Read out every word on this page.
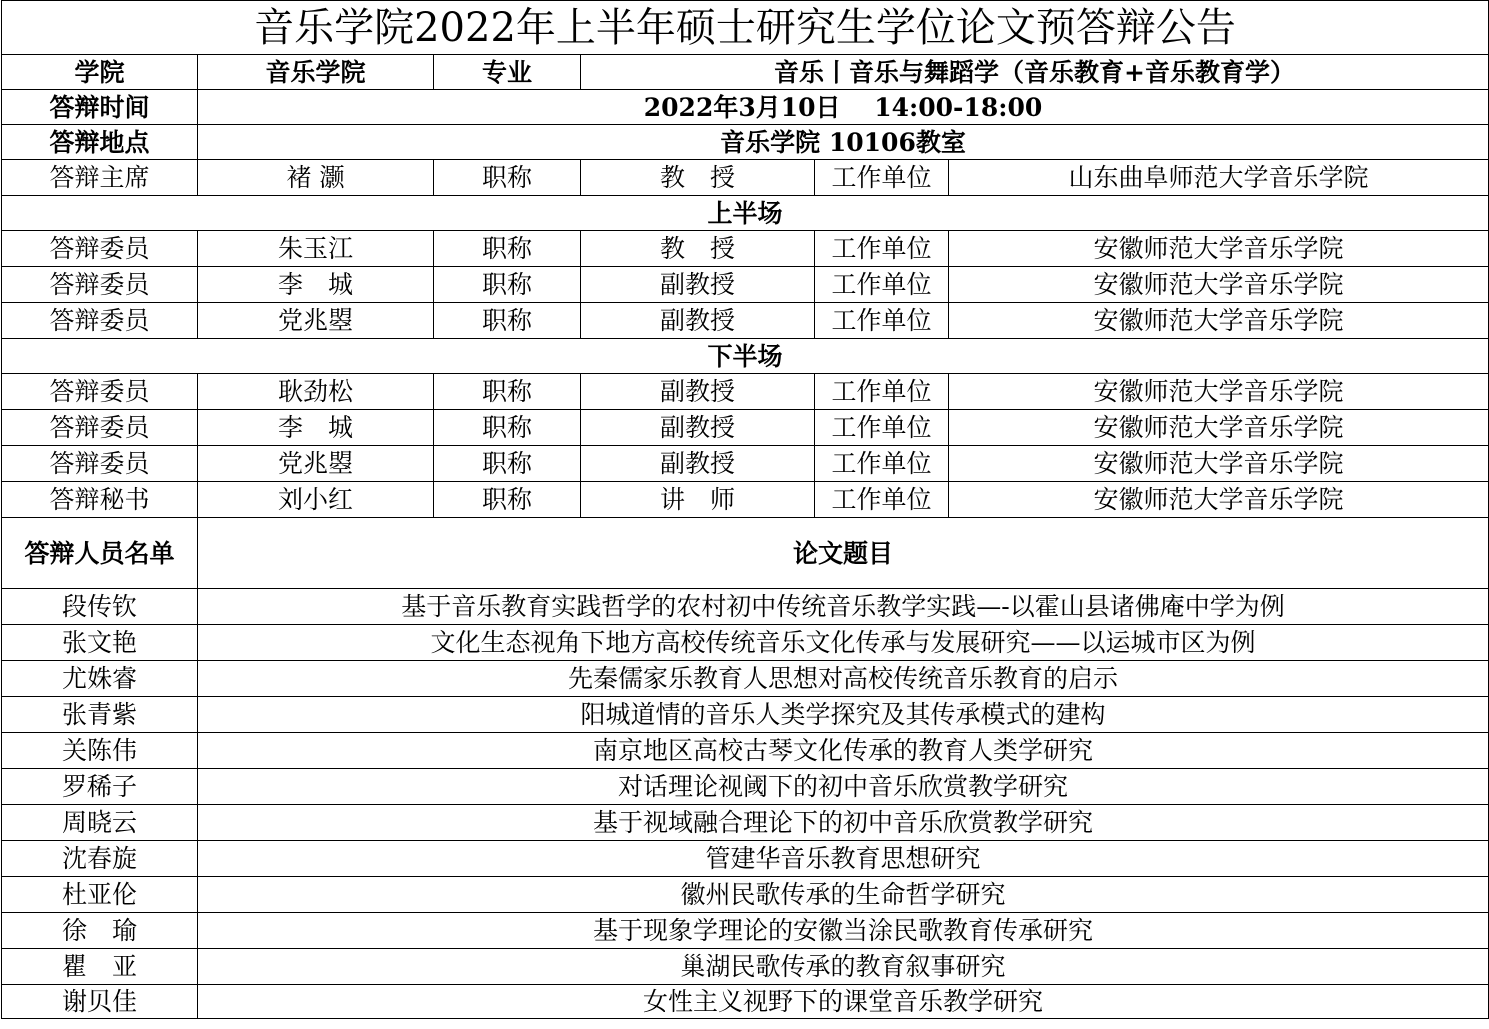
音乐学院2022年上半年硕士研究生学位论文预答辩公告					
学院	音乐学院	专业	音乐丨音乐与舞蹈学（音乐教育+音乐教育学）		
答辩时间	2022年3月10日　 14:00-18:00				
答辩地点	音乐学院 10106教室				
答辩主席	褚 灏	职称	教　授	工作单位	山东曲阜师范大学音乐学院
上半场					
答辩委员	朱玉江	职称	教　授	工作单位	安徽师范大学音乐学院
答辩委员	李　城	职称	副教授	工作单位	安徽师范大学音乐学院
答辩委员	党兆曌	职称	副教授	工作单位	安徽师范大学音乐学院
下半场					
答辩委员	耿劲松	职称	副教授	工作单位	安徽师范大学音乐学院
答辩委员	李　城	职称	副教授	工作单位	安徽师范大学音乐学院
答辩委员	党兆曌	职称	副教授	工作单位	安徽师范大学音乐学院
答辩秘书	刘小红	职称	讲　师	工作单位	安徽师范大学音乐学院
答辩人员名单	论文题目				
段传钦	基于音乐教育实践哲学的农村初中传统音乐教学实践—-以霍山县诸佛庵中学为例				
张文艳	文化生态视角下地方高校传统音乐文化传承与发展研究——以运城市区为例				
尤姝睿	先秦儒家乐教育人思想对高校传统音乐教育的启示				
张青紫	阳城道情的音乐人类学探究及其传承模式的建构				
关陈伟	南京地区高校古琴文化传承的教育人类学研究				
罗稀子	对话理论视阈下的初中音乐欣赏教学研究				
周晓云	基于视域融合理论下的初中音乐欣赏教学研究				
沈春旋	管建华音乐教育思想研究				
杜亚伦	徽州民歌传承的生命哲学研究				
徐　瑜	基于现象学理论的安徽当涂民歌教育传承研究				
瞿　亚	巢湖民歌传承的教育叙事研究				
谢贝佳	女性主义视野下的课堂音乐教学研究				
